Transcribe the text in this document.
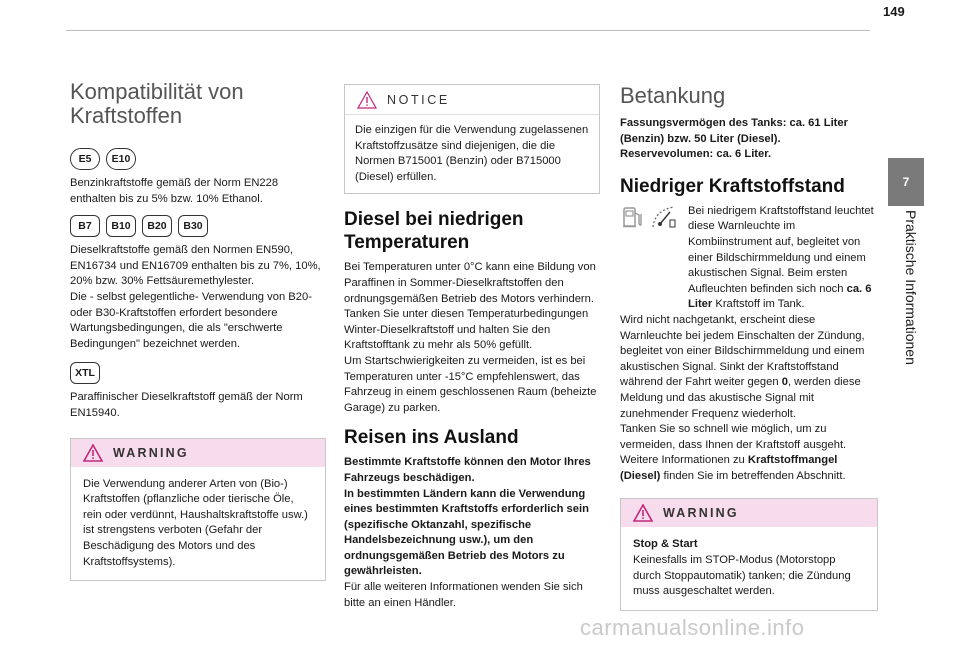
149
7
Praktische Informationen
Kompatibilität von Kraftstoffen
E5	E10

Benzinkraftstoffe gemäß der Norm EN228 enthalten bis zu 5% bzw. 10% Ethanol.

B7	B10	B20	B30

Dieselkraftstoffe gemäß den Normen EN590, EN16734 und EN16709 enthalten bis zu 7%, 10%, 20% bzw. 30% Fettsäuremethylester.

Die - selbst gelegentliche- Verwendung von B20- oder B30-Kraftstoffen erfordert besondere Wartungsbedingungen, die als "erschwerte Bedingungen" bezeichnet werden.

XTL

Paraffinischer Dieselkraftstoff gemäß der Norm EN15940.

WARNING

Die Verwendung anderer Arten von (Bio-) Kraftstoffen (pflanzliche oder tierische Öle, rein oder verdünnt, Haushaltskraftstoffe usw.) ist strengstens verboten (Gefahr der Beschädigung des Motors und des Kraftstoffsystems).

NOTICE

Die einzigen für die Verwendung zugelassenen Kraftstoffzusätze sind diejenigen, die die Normen B715001 (Benzin) oder B715000 (Diesel) erfüllen.

Diesel bei niedrigen Temperaturen

Bei Temperaturen unter 0°C kann eine Bildung von Paraffinen in Sommer-Dieselkraftstoffen den ordnungsgemäßen Betrieb des Motors verhindern. Tanken Sie unter diesen Temperaturbedingungen Winter-Dieselkraftstoff und halten Sie den Kraftstofftank zu mehr als 50% gefüllt.

Um Startschwierigkeiten zu vermeiden, ist es bei Temperaturen unter -15°C empfehlenswert, das Fahrzeug in einem geschlossenen Raum (beheizte Garage) zu parken.

Reisen ins Ausland

Bestimmte Kraftstoffe können den Motor Ihres Fahrzeugs beschädigen.

In bestimmten Ländern kann die Verwendung eines bestimmten Kraftstoffs erforderlich sein (spezifische Oktanzahl, spezifische Handelsbezeichnung usw.), um den ordnungsgemäßen Betrieb des Motors zu gewährleisten.

Für alle weiteren Informationen wenden Sie sich bitte an einen Händler.

Betankung

Fassungsvermögen des Tanks: ca. 61 Liter (Benzin) bzw. 50 Liter (Diesel).

Reservevolumen: ca. 6 Liter.

Niedriger Kraftstoffstand

Bei niedrigem Kraftstoffstand leuchtet diese Warnleuchte im Kombiinstrument auf, begleitet von einer Bildschirmmeldung und einem akustischen Signal. Beim ersten Aufleuchten befinden sich noch ca. 6 Liter Kraftstoff im Tank.

Wird nicht nachgetankt, erscheint diese Warnleuchte bei jedem Einschalten der Zündung, begleitet von einer Bildschirmmeldung und einem akustischen Signal. Sinkt der Kraftstoffstand während der Fahrt weiter gegen 0, werden diese Meldung und das akustische Signal mit zunehmender Frequenz wiederholt.

Tanken Sie so schnell wie möglich, um zu vermeiden, dass Ihnen der Kraftstoff ausgeht.

Weitere Informationen zu Kraftstoffmangel (Diesel) finden Sie im betreffenden Abschnitt.

WARNING

Stop & Start

Keinesfalls im STOP-Modus (Motorstopp durch Stoppautomatik) tanken; die Zündung muss ausgeschaltet werden.

carmanualsonline.info
